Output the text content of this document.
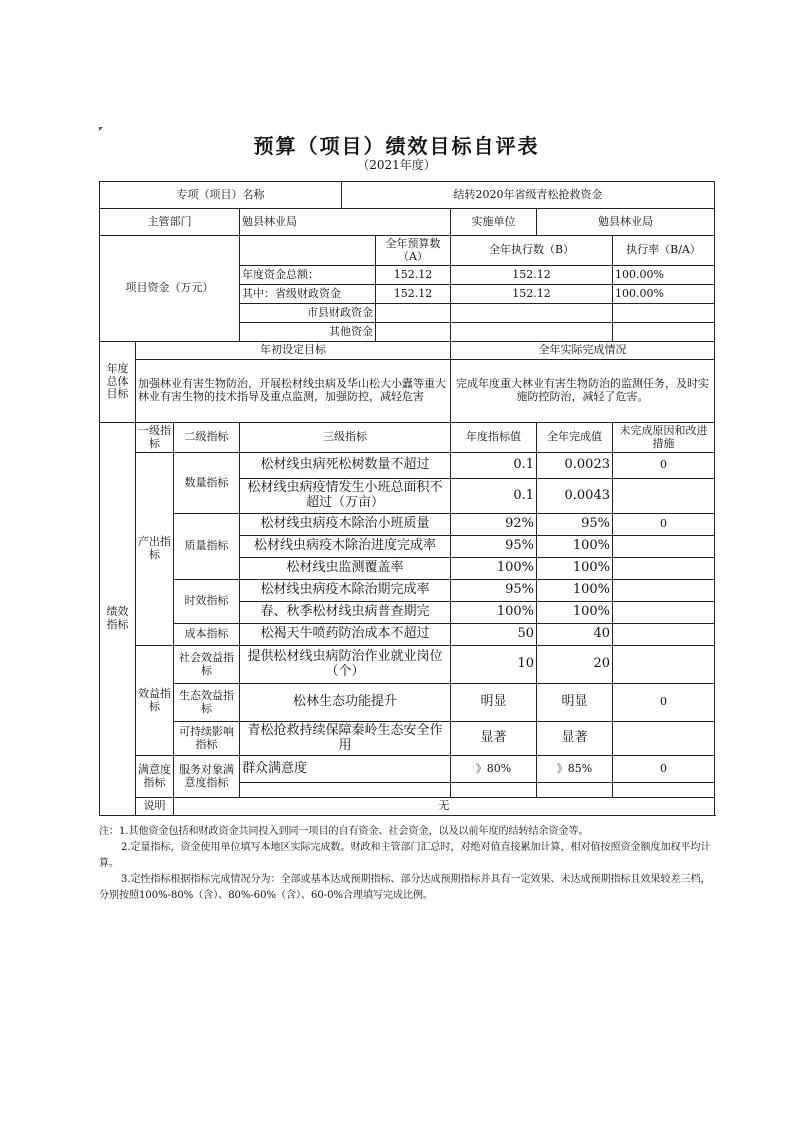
预算（项目）绩效目标自评表
（2021年度）
专项（项目）名称				结转2020年省级青松抢救资金				
主管部门			勉县林业局			实施单位	勉县林业局	
项目资金（万元）					全年预算数（A）	全年执行数（B）		执行率（B/A）
			年度资金总额：		152.12	152.12		100.00%
			其中：省级财政资金		152.12	152.12		100.00%
			市县财政资金					
			其他资金					
年度总体目标	年初设定目标					全年实际完成情况		
	加强林业有害生物防治，开展松材线虫病及华山松大小蠹等重大林业有害生物的技术指导及重点监测，加强防控，减轻危害					完成年度重大林业有害生物防治的监测任务，及时实施防控防治，减轻了危害。		
绩效指标	一级指标	二级指标	三级指标			年度指标值	全年完成值	未完成原因和改进措施
	产出指标	数量指标	松材线虫病死松树数量不超过			0.1	0.0023	0
			松材线虫病疫情发生小班总面积不超过（万亩）			0.1	0.0043	
		质量指标	松材线虫病疫木除治小班质量			92%	95%	0
			松材线虫病疫木除治进度完成率			95%	100%	
			松材线虫监测覆盖率			100%	100%	
		时效指标	松材线虫病疫木除治期完成率			95%	100%	
			春、秋季松材线虫病普查期完			100%	100%	
		成本指标	松褐天牛喷药防治成本不超过			50	40	
	效益指标	社会效益指标	提供松材线虫病防治作业就业岗位（个）			10	20	
		生态效益指标	松林生态功能提升			明显	明显	0
		可持续影响指标	青松抢救持续保障秦岭生态安全作用			显著	显著	
	满意度指标	服务对象满意度指标	群众满意度			》80%	》85%	0

	说明	无						

注：1.其他资金包括和财政资金共同投入到同一项目的自有资金、社会资金，以及以前年度的结转结余资金等。

2.定量指标，资金使用单位填写本地区实际完成数。财政和主管部门汇总时，对绝对值直接累加计算，相对值按照资金额度加权平均计算。

3.定性指标根据指标完成情况分为：全部或基本达成预期指标、部分达成预期指标并具有一定效果、未达成预期指标且效果较差三档，分别按照100%-80%（含）、80%-60%（含）、60-0%合理填写完成比例。
